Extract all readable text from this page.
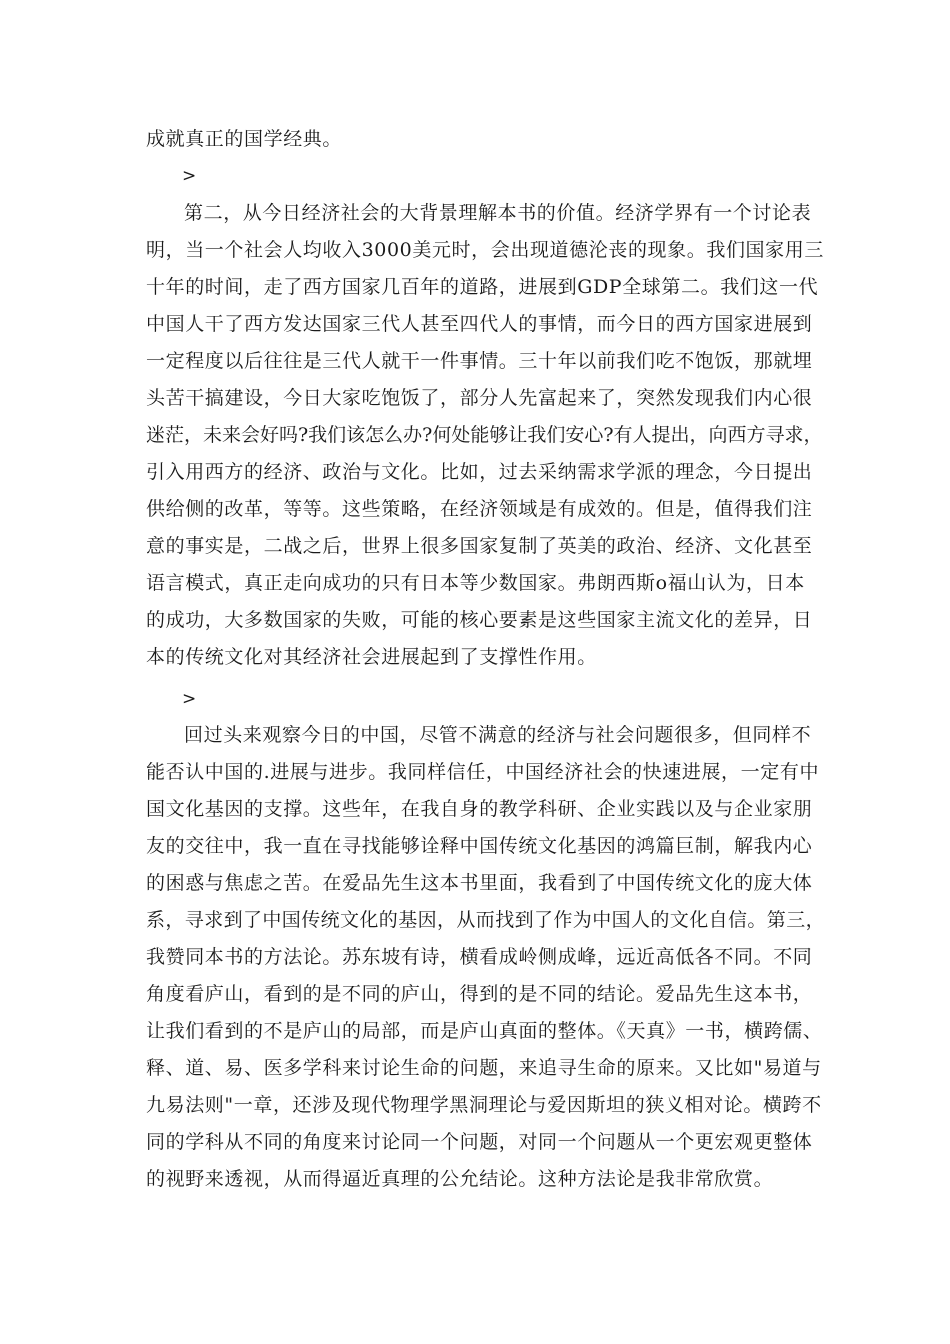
成就真正的国学经典。
>
第二，从今日经济社会的大背景理解本书的价值。经济学界有一个讨论表
明，当一个社会人均收入3000美元时，会出现道德沦丧的现象。我们国家用三
十年的时间，走了西方国家几百年的道路，进展到GDP全球第二。我们这一代
中国人干了西方发达国家三代人甚至四代人的事情，而今日的西方国家进展到
一定程度以后往往是三代人就干一件事情。三十年以前我们吃不饱饭，那就埋
头苦干搞建设，今日大家吃饱饭了，部分人先富起来了，突然发现我们内心很
迷茫，未来会好吗?我们该怎么办?何处能够让我们安心?有人提出，向西方寻求，
引入用西方的经济、政治与文化。比如，过去采纳需求学派的理念，今日提出
供给侧的改革，等等。这些策略，在经济领域是有成效的。但是，值得我们注
意的事实是，二战之后，世界上很多国家复制了英美的政治、经济、文化甚至
语言模式，真正走向成功的只有日本等少数国家。弗朗西斯o福山认为，日本
的成功，大多数国家的失败，可能的核心要素是这些国家主流文化的差异，日
本的传统文化对其经济社会进展起到了支撑性作用。
>
回过头来观察今日的中国，尽管不满意的经济与社会问题很多，但同样不
能否认中国的.进展与进步。我同样信任，中国经济社会的快速进展，一定有中
国文化基因的支撑。这些年，在我自身的教学科研、企业实践以及与企业家朋
友的交往中，我一直在寻找能够诠释中国传统文化基因的鸿篇巨制，解我内心
的困惑与焦虑之苦。在爱品先生这本书里面，我看到了中国传统文化的庞大体
系，寻求到了中国传统文化的基因，从而找到了作为中国人的文化自信。第三，
我赞同本书的方法论。苏东坡有诗，横看成岭侧成峰，远近高低各不同。不同
角度看庐山，看到的是不同的庐山，得到的是不同的结论。爱品先生这本书，
让我们看到的不是庐山的局部，而是庐山真面的整体。《天真》一书，横跨儒、
释、道、易、医多学科来讨论生命的问题，来追寻生命的原来。又比如"易道与
九易法则"一章，还涉及现代物理学黑洞理论与爱因斯坦的狭义相对论。横跨不
同的学科从不同的角度来讨论同一个问题，对同一个问题从一个更宏观更整体
的视野来透视，从而得逼近真理的公允结论。这种方法论是我非常欣赏。
